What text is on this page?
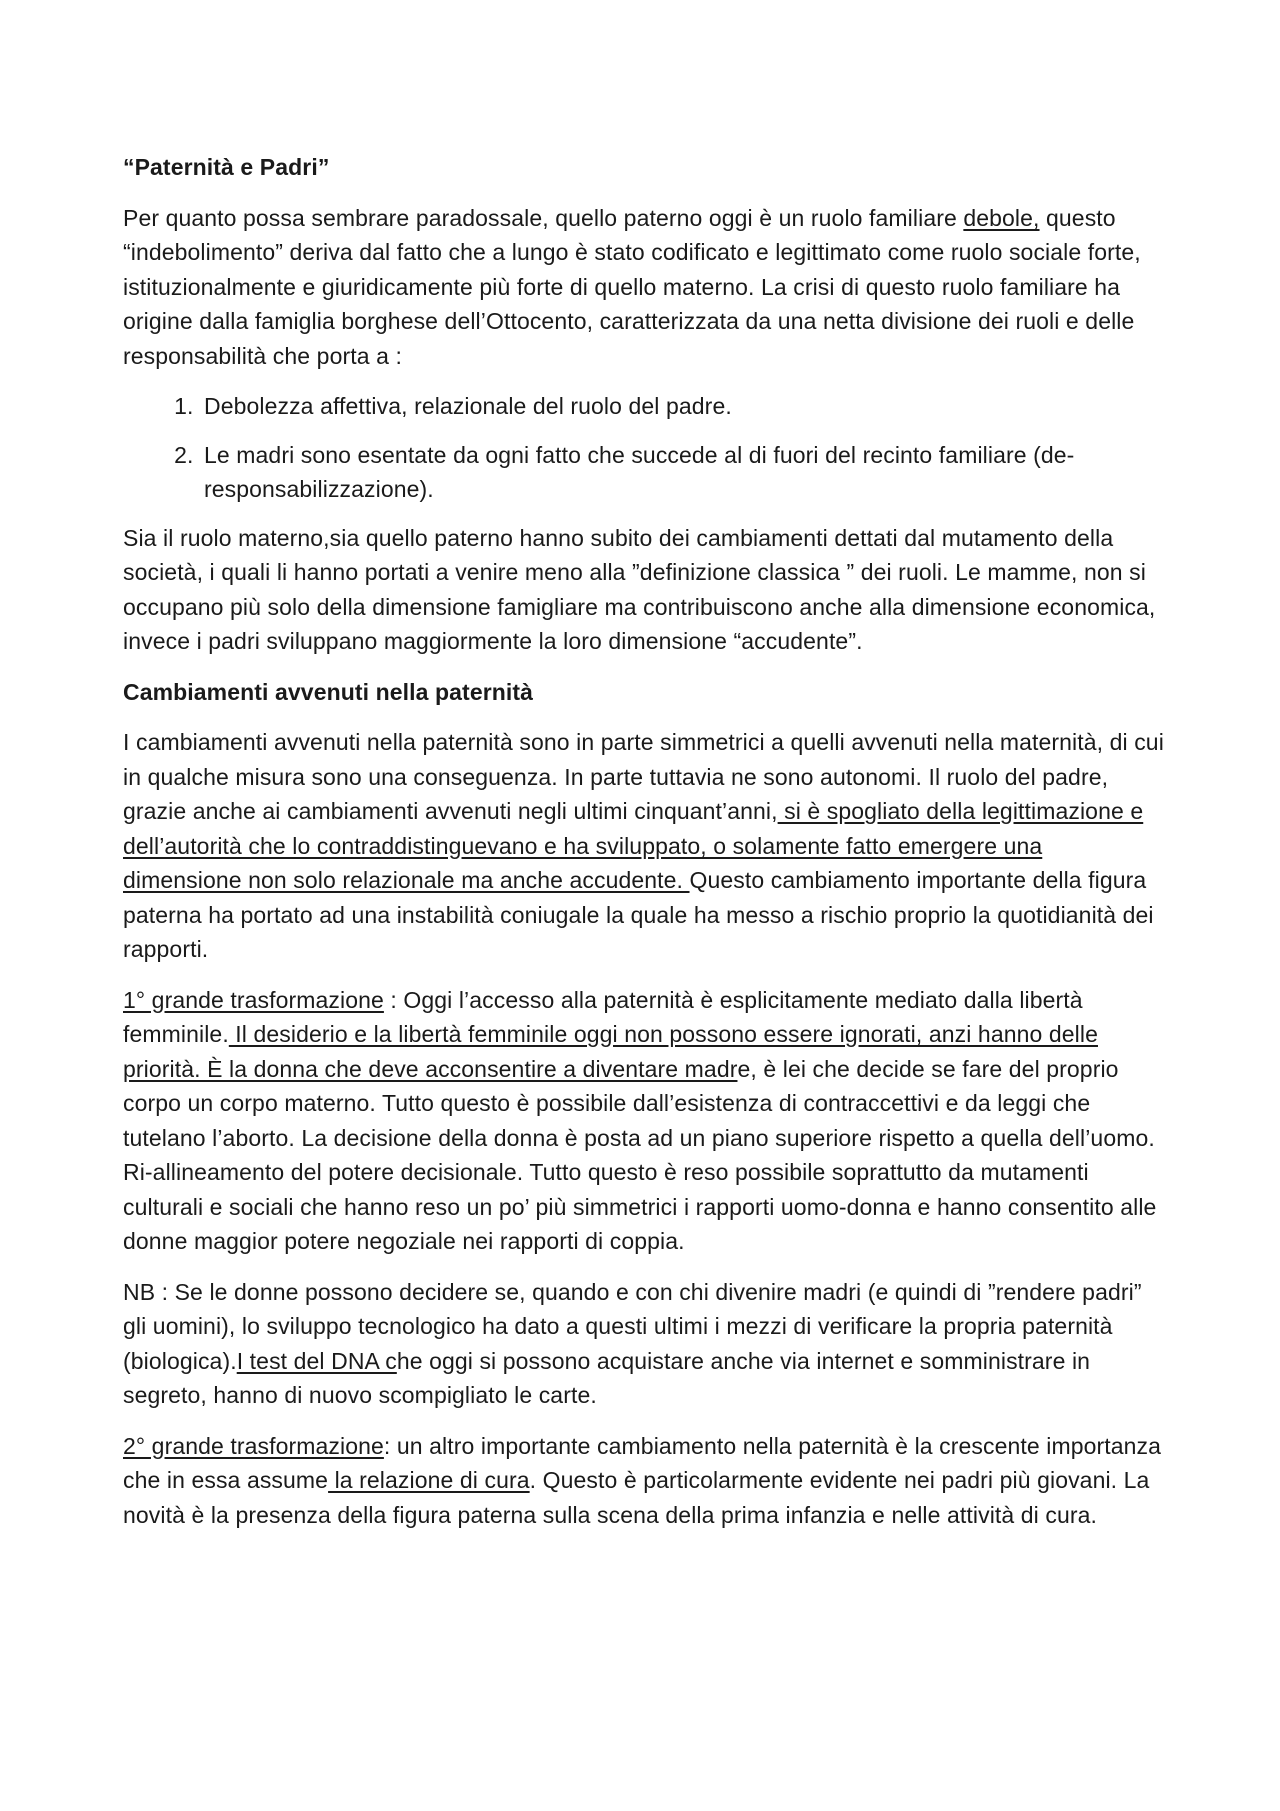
“Paternità e Padri”

Per quanto possa sembrare paradossale, quello paterno oggi è un ruolo familiare debole, questo “indebolimento” deriva dal fatto che a lungo è stato codificato e legittimato come ruolo sociale forte, istituzionalmente e giuridicamente più forte di quello materno. La crisi di questo ruolo familiare ha origine dalla famiglia borghese dell’Ottocento, caratterizzata da una netta divisione dei ruoli e delle responsabilità che porta a :

1. Debolezza affettiva, relazionale del ruolo del padre.
2. Le madri sono esentate da ogni fatto che succede al di fuori del recinto familiare (de-responsabilizzazione).

Sia il ruolo materno,sia quello paterno hanno subito dei cambiamenti dettati dal mutamento della società, i quali li hanno portati a venire meno alla ”definizione classica ” dei ruoli. Le mamme, non si occupano più solo della dimensione famigliare ma contribuiscono anche alla dimensione economica, invece i padri sviluppano maggiormente la loro dimensione “accudente”.

Cambiamenti avvenuti nella paternità

I cambiamenti avvenuti nella paternità sono in parte simmetrici a quelli avvenuti nella maternità, di cui in qualche misura sono una conseguenza. In parte tuttavia ne sono autonomi. Il ruolo del padre, grazie anche ai cambiamenti avvenuti negli ultimi cinquant’anni, si è spogliato della legittimazione e dell’autorità che lo contraddistinguevano e ha sviluppato, o solamente fatto emergere una dimensione non solo relazionale ma anche accudente. Questo cambiamento importante della figura paterna ha portato ad una instabilità coniugale la quale ha messo a rischio proprio la quotidianità dei rapporti.

1° grande trasformazione : Oggi l’accesso alla paternità è esplicitamente mediato dalla libertà femminile. Il desiderio e la libertà femminile oggi non possono essere ignorati, anzi hanno delle priorità. È la donna che deve acconsentire a diventare madre, è lei che decide se fare del proprio corpo un corpo materno. Tutto questo è possibile dall’esistenza di contraccettivi e da leggi che tutelano l’aborto. La decisione della donna è posta ad un piano superiore rispetto a quella dell’uomo. Ri-allineamento del potere decisionale. Tutto questo è reso possibile soprattutto da mutamenti culturali e sociali che hanno reso un po’ più simmetrici i rapporti uomo-donna e hanno consentito alle donne maggior potere negoziale nei rapporti di coppia.

NB : Se le donne possono decidere se, quando e con chi divenire madri (e quindi di ”rendere padri” gli uomini), lo sviluppo tecnologico ha dato a questi ultimi i mezzi di verificare la propria paternità (biologica).I test del DNA che oggi si possono acquistare anche via internet e somministrare in segreto, hanno di nuovo scompigliato le carte.

2° grande trasformazione: un altro importante cambiamento nella paternità è la crescente importanza che in essa assume la relazione di cura. Questo è particolarmente evidente nei padri più giovani. La novità è la presenza della figura paterna sulla scena della prima infanzia e nelle attività di cura.
